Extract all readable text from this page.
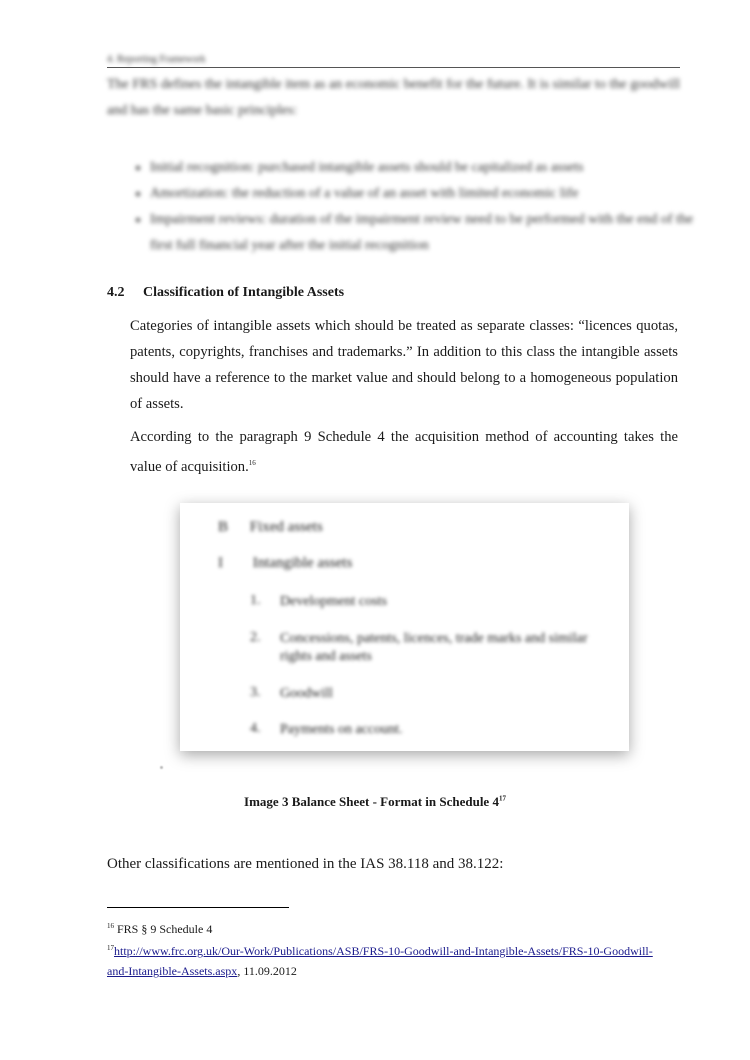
4. Reporting Framework
The FRS defines the intangible item as an economic benefit for the future. It is similar to the goodwill and has the same basic principles:
• Initial recognition: purchased intangible assets should be capitalized as assets
• Amortization: the reduction of a value of an asset with limited economic life
• Impairment reviews: duration of the impairment review need to be performed with the end of the first full financial year after the initial recognition
4.2 Classification of Intangible Assets

Categories of intangible assets which should be treated as separate classes: “licences quotas, patents, copyrights, franchises and trademarks.” In addition to this class the intangible assets should have a reference to the market value and should belong to a homogeneous population of assets.

According to the paragraph 9 Schedule 4 the acquisition method of accounting takes the value of acquisition.$^{16}$

B Fixed assets
I Intangible assets
1. Development costs
2. Concessions, patents, licences, trade marks and similar rights and assets
3. Goodwill
4. Payments on account.
Image 3 Balance Sheet - Format in Schedule $4^{17}$
Other classifications are mentioned in the IAS 38.118 and 38.122:
$^{16}$ FRS § 9 Schedule 4
$^{17}$http://www.frc.org.uk/Our-Work/Publications/ASB/FRS-10-Goodwill-and-Intangible-Assets/FRS-10-Goodwill-and-Intangible-Assets.aspx, 11.09.2012
